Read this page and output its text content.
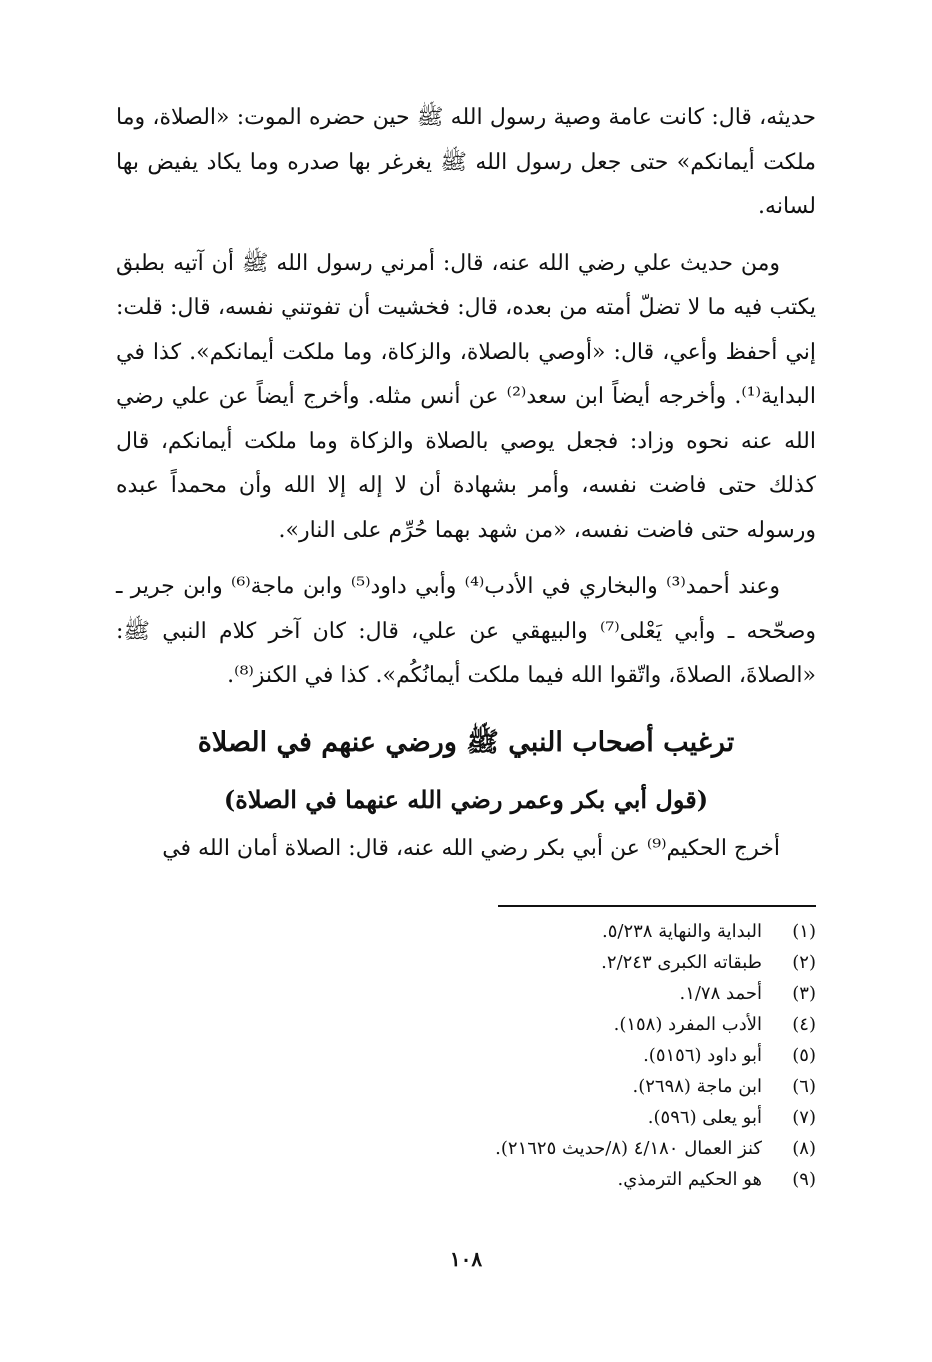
حديثه، قال: كانت عامة وصية رسول الله ﷺ حين حضره الموت: «الصلاة، وما ملكت أيمانكم» حتى جعل رسول الله ﷺ يغرغر بها صدره وما يكاد يفيض بها لسانه.

ومن حديث علي رضي الله عنه، قال: أمرني رسول الله ﷺ أن آتيه بطبق يكتب فيه ما لا تضلّ أمته من بعده، قال: فخشيت أن تفوتني نفسه، قال: قلت: إني أحفظ وأعي، قال: «أوصي بالصلاة، والزكاة، وما ملكت أيمانكم». كذا في البداية⁽¹⁾. وأخرجه أيضاً ابن سعد⁽²⁾ عن أنس مثله. وأخرج أيضاً عن علي رضي الله عنه نحوه وزاد: فجعل يوصي بالصلاة والزكاة وما ملكت أيمانكم، قال كذلك حتى فاضت نفسه، وأمر بشهادة أن لا إله إلا الله وأن محمداً عبده ورسوله حتى فاضت نفسه، «من شهد بهما حُرِّم على النار».

وعند أحمد⁽³⁾ والبخاري في الأدب⁽⁴⁾ وأبي داود⁽⁵⁾ وابن ماجة⁽⁶⁾ وابن جرير ـ وصحّحه ـ وأبي يَعْلى⁽⁷⁾ والبيهقي عن علي، قال: كان آخر كلام النبي ﷺ: «الصلاةَ، الصلاةَ، واتّقوا الله فيما ملكت أيمانُكُم». كذا في الكنز⁽⁸⁾.

ترغيب أصحاب النبي ﷺ ورضي عنهم في الصلاة
(قول أبي بكر وعمر رضي الله عنهما في الصلاة)

أخرج الحكيم⁽⁹⁾ عن أبي بكر رضي الله عنه، قال: الصلاة أمان الله في

(١)
البداية والنهاية ٥/٢٣٨.
(٢)
طبقاته الكبرى ٢/٢٤٣.
(٣)
أحمد ١/٧٨.
(٤)
الأدب المفرد (١٥٨).
(٥)
أبو داود (٥١٥٦).
(٦)
ابن ماجة (٢٦٩٨).
(٧)
أبو يعلى (٥٩٦).
(٨)
كنز العمال ٤/١٨٠ (٨/حديث ٢١٦٢٥).
(٩)
هو الحكيم الترمذي.
١٠٨
